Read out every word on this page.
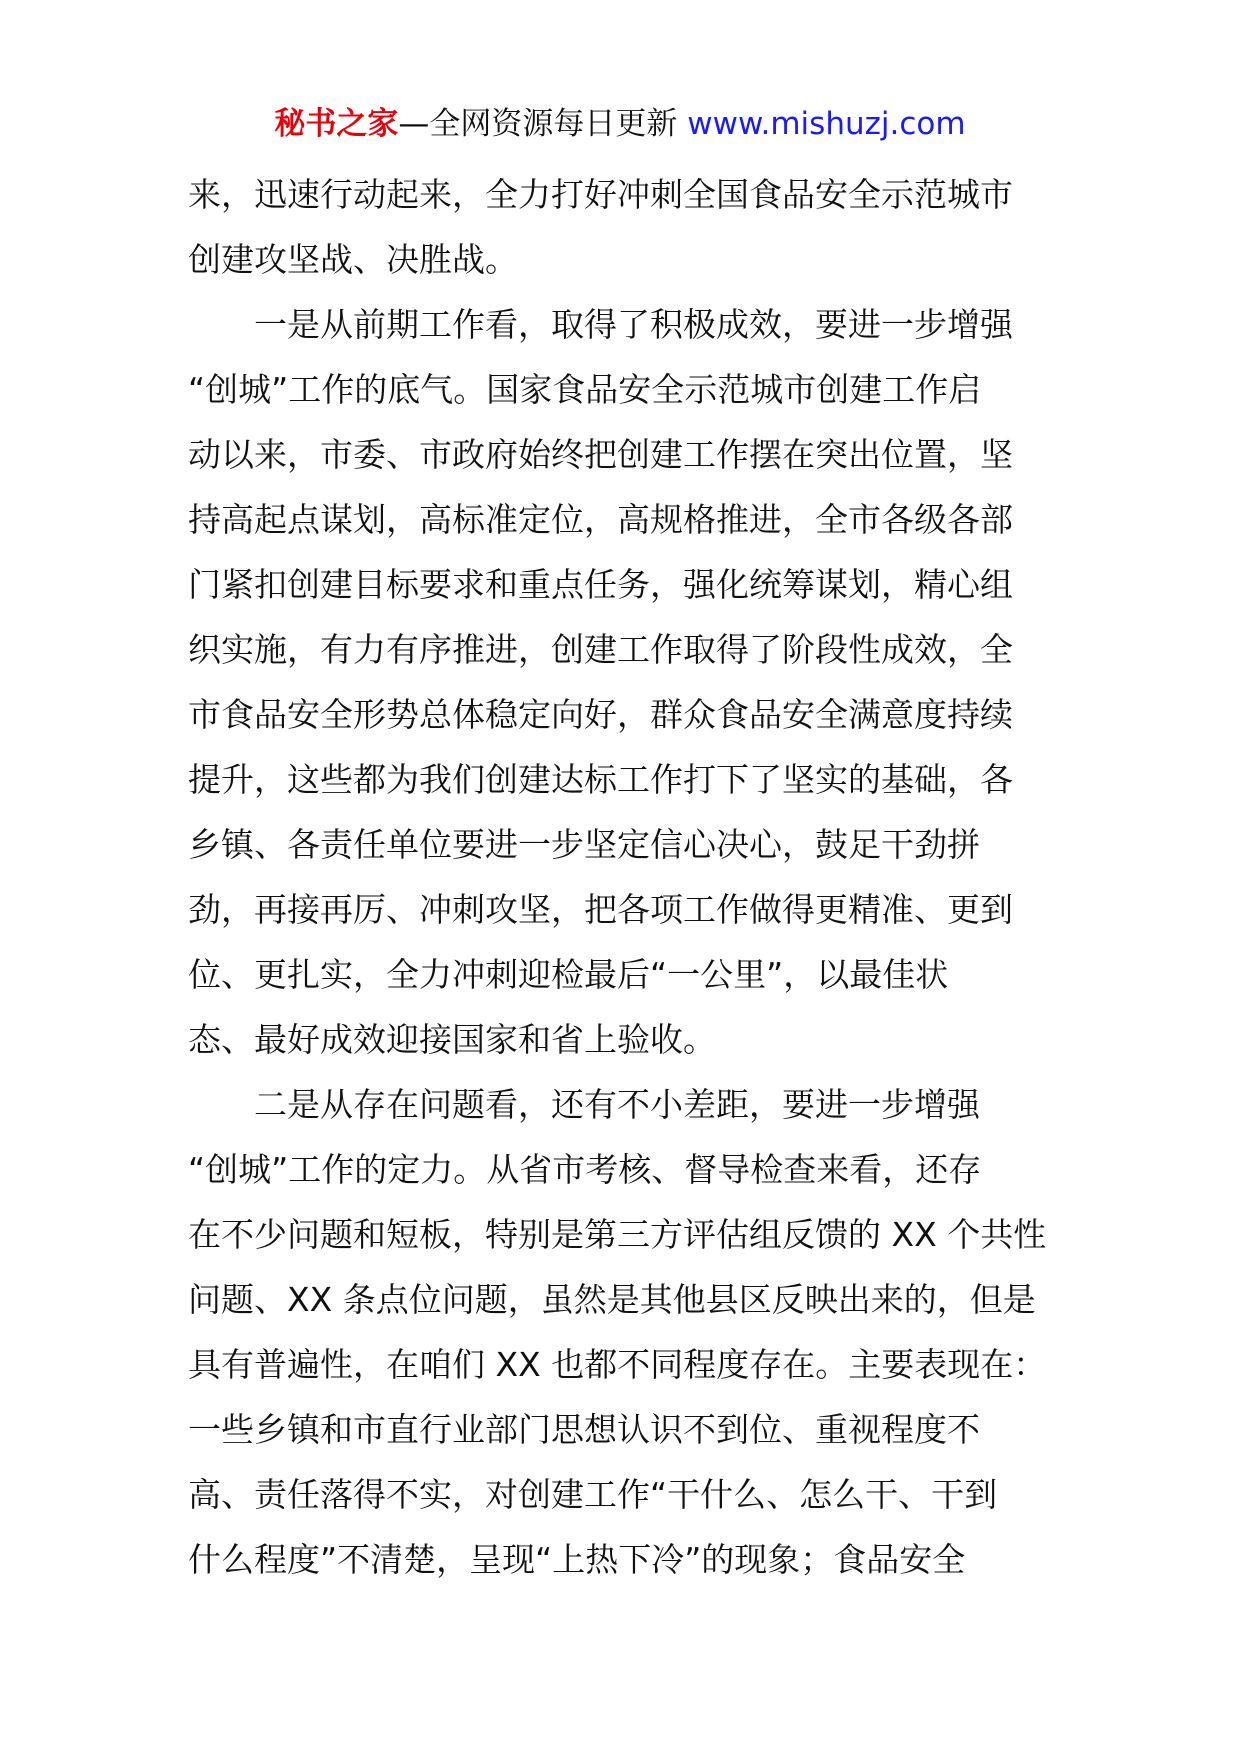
秘书之家—全网资源每日更新 www.mishuzj.com
来，迅速行动起来，全力打好冲刺全国食品安全示范城市
创建攻坚战、决胜战。
一是从前期工作看，取得了积极成效，要进一步增强
“创城”工作的底气。国家食品安全示范城市创建工作启
动以来，市委、市政府始终把创建工作摆在突出位置，坚
持高起点谋划，高标准定位，高规格推进，全市各级各部
门紧扣创建目标要求和重点任务，强化统筹谋划，精心组
织实施，有力有序推进，创建工作取得了阶段性成效，全
市食品安全形势总体稳定向好，群众食品安全满意度持续
提升，这些都为我们创建达标工作打下了坚实的基础，各
乡镇、各责任单位要进一步坚定信心决心，鼓足干劲拼
劲，再接再厉、冲刺攻坚，把各项工作做得更精准、更到
位、更扎实，全力冲刺迎检最后“一公里”，以最佳状
态、最好成效迎接国家和省上验收。
二是从存在问题看，还有不小差距，要进一步增强
“创城”工作的定力。从省市考核、督导检查来看，还存
在不少问题和短板，特别是第三方评估组反馈的 XX 个共性
问题、XX 条点位问题，虽然是其他县区反映出来的，但是
具有普遍性，在咱们 XX 也都不同程度存在。主要表现在：
一些乡镇和市直行业部门思想认识不到位、重视程度不
高、责任落得不实，对创建工作“干什么、怎么干、干到
什么程度”不清楚，呈现“上热下冷”的现象；食品安全
